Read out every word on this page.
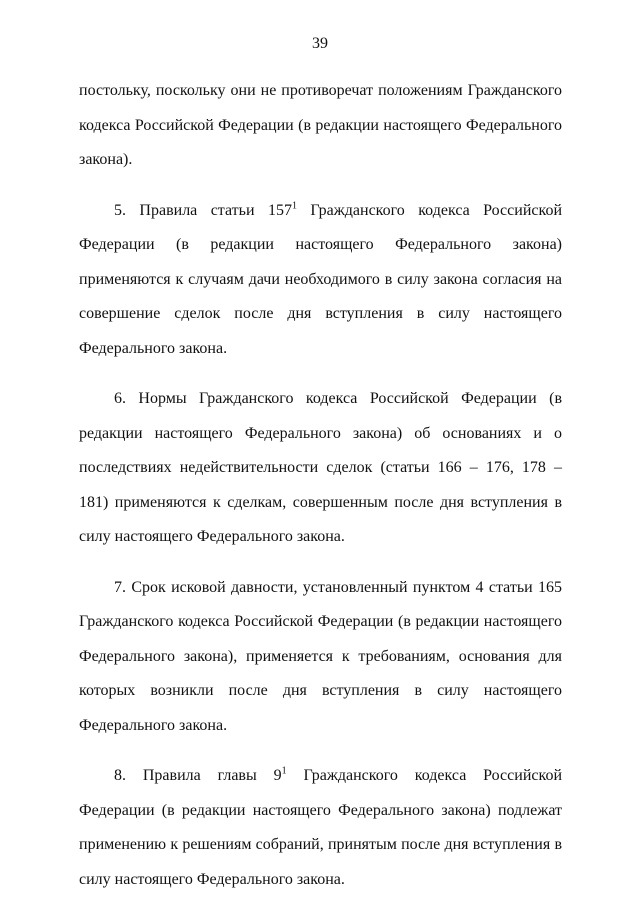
39

постольку, поскольку они не противоречат положениям Гражданского кодекса Российской Федерации (в редакции настоящего Федерального закона).

5. Правила статьи $157^1$ Гражданского кодекса Российской Федерации (в редакции настоящего Федерального закона) применяются к случаям дачи необходимого в силу закона согласия на совершение сделок после дня вступления в силу настоящего Федерального закона.

6. Нормы Гражданского кодекса Российской Федерации (в редакции настоящего Федерального закона) об основаниях и о последствиях недействительности сделок (статьи 166 – 176, 178 – 181) применяются к сделкам, совершенным после дня вступления в силу настоящего Федерального закона.

7. Срок исковой давности, установленный пунктом 4 статьи 165 Гражданского кодекса Российской Федерации (в редакции настоящего Федерального закона), применяется к требованиям, основания для которых возникли после дня вступления в силу настоящего Федерального закона.

8. Правила главы $9^1$ Гражданского кодекса Российской Федерации (в редакции настоящего Федерального закона) подлежат применению к решениям собраний, принятым после дня вступления в силу настоящего Федерального закона.
